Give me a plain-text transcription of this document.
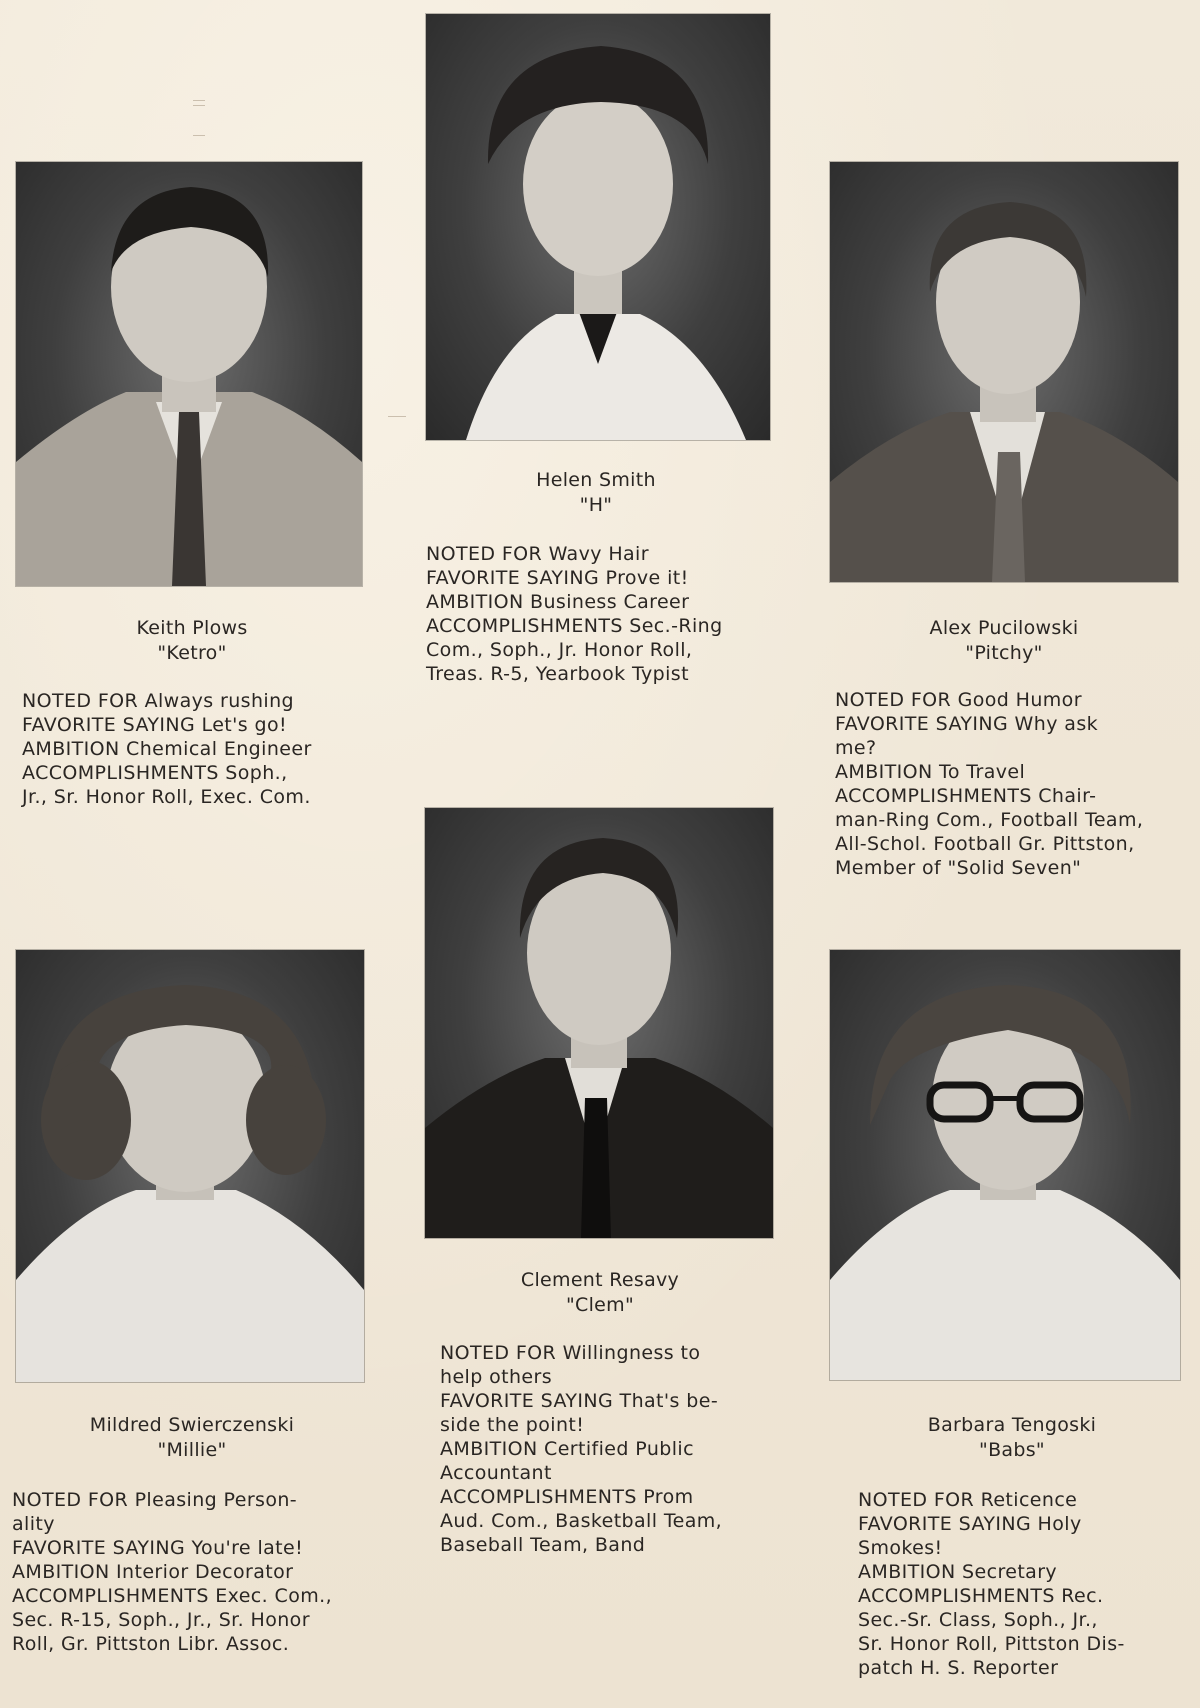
Keith Plows
"Ketro"
NOTED FOR Always rushing
FAVORITE SAYING Let's go!
AMBITION Chemical Engineer
ACCOMPLISHMENTS Soph.,
Jr., Sr. Honor Roll, Exec. Com.
Helen Smith
"H"
NOTED FOR Wavy Hair
FAVORITE SAYING Prove it!
AMBITION Business Career
ACCOMPLISHMENTS Sec.-Ring
Com., Soph., Jr. Honor Roll,
Treas. R-5, Yearbook Typist
Alex Pucilowski
"Pitchy"
NOTED FOR Good Humor
FAVORITE SAYING Why ask
me?
AMBITION To Travel
ACCOMPLISHMENTS Chair-
man-Ring Com., Football Team,
All-Schol. Football Gr. Pittston,
Member of "Solid Seven"
Mildred Swierczenski
"Millie"
NOTED FOR Pleasing Person-
ality
FAVORITE SAYING You're late!
AMBITION Interior Decorator
ACCOMPLISHMENTS Exec. Com.,
Sec. R-15, Soph., Jr., Sr. Honor
Roll, Gr. Pittston Libr. Assoc.
Clement Resavy
"Clem"
NOTED FOR Willingness to
help others
FAVORITE SAYING That's be-
side the point!
AMBITION Certified Public
Accountant
ACCOMPLISHMENTS Prom
Aud. Com., Basketball Team,
Baseball Team, Band
Barbara Tengoski
"Babs"
NOTED FOR Reticence
FAVORITE SAYING Holy
Smokes!
AMBITION Secretary
ACCOMPLISHMENTS Rec.
Sec.-Sr. Class, Soph., Jr.,
Sr. Honor Roll, Pittston Dis-
patch H. S. Reporter
